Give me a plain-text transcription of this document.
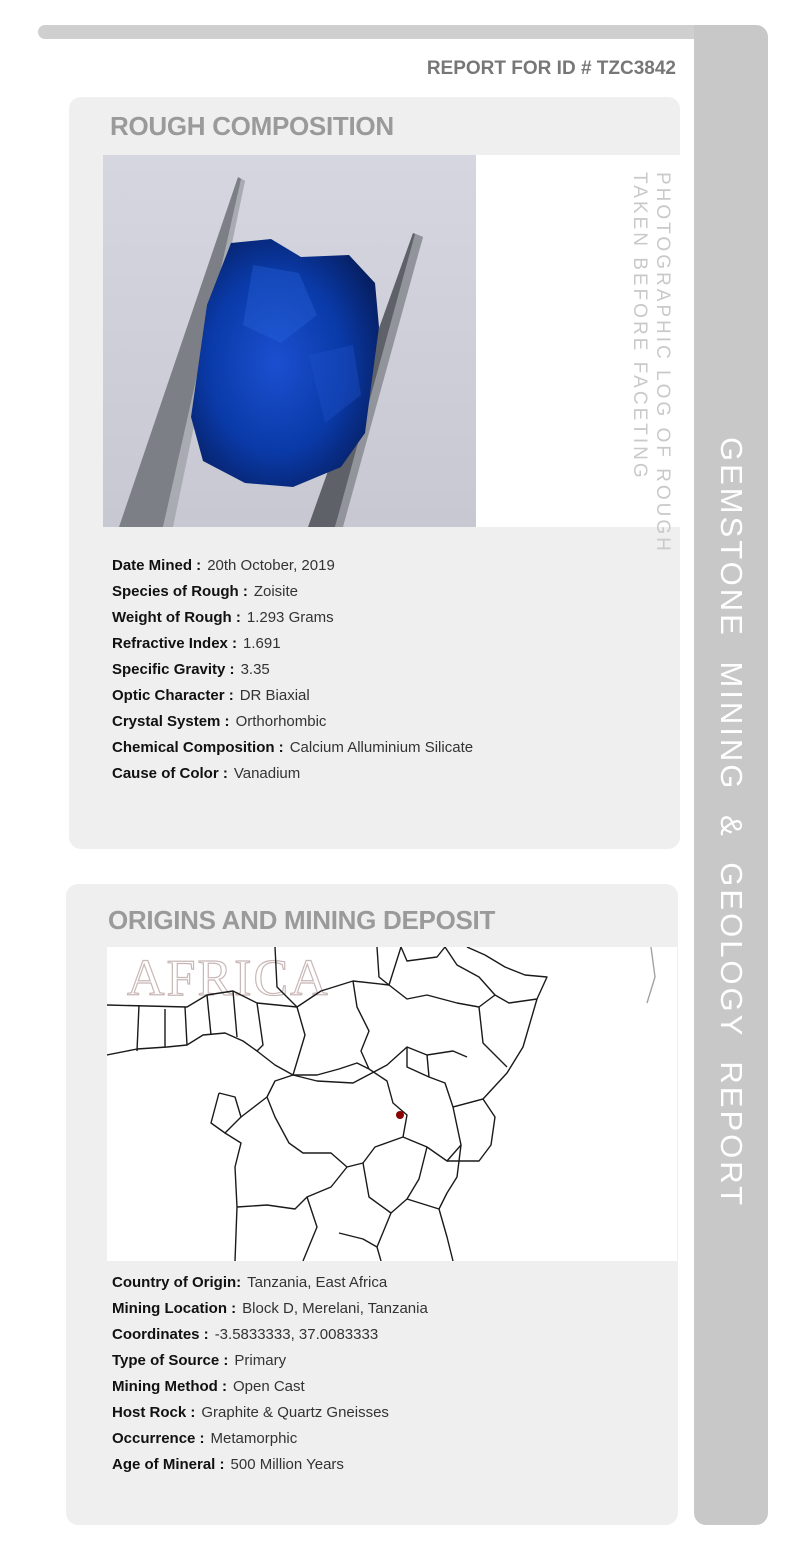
GEMSTONE MINING & GEOLOGY REPORT
REPORT FOR ID # TZC3842
ROUGH COMPOSITION
PHOTOGRAPHIC LOG OF ROUGH
TAKEN BEFORE FACETING
Date Mined : 20th October, 2019
Species of Rough : Zoisite
Weight of Rough : 1.293 Grams
Refractive Index : 1.691
Specific Gravity : 3.35
Optic Character : DR Biaxial
Crystal System : Orthorhombic
Chemical Composition : Calcium Alluminium Silicate
Cause of Color : Vanadium
ORIGINS AND MINING DEPOSIT
AFRICA
Country of Origin: Tanzania, East Africa
Mining Location : Block D, Merelani, Tanzania
Coordinates : -3.5833333, 37.0083333
Type of Source : Primary
Mining Method : Open Cast
Host Rock : Graphite & Quartz Gneisses
Occurrence : Metamorphic
Age of Mineral : 500 Million Years
